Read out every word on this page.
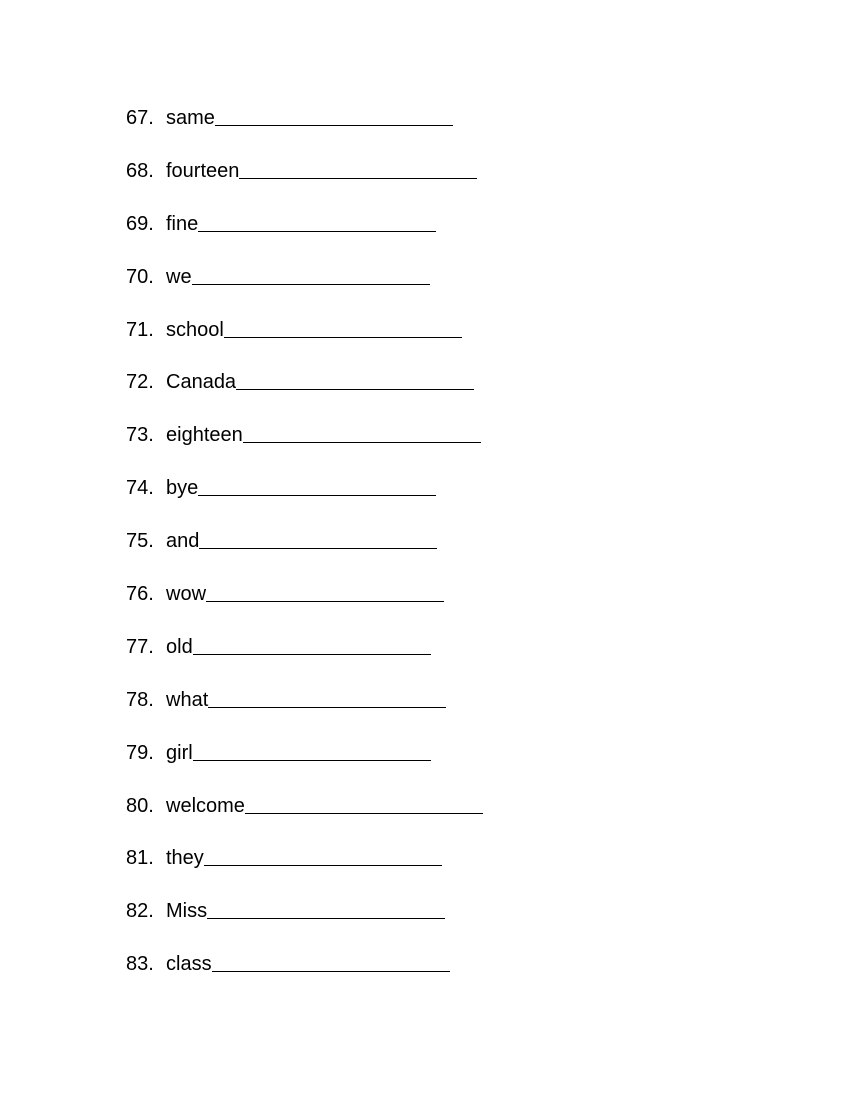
67. same
68. fourteen
69. fine
70. we
71. school
72. Canada
73. eighteen
74. bye
75. and
76. wow
77. old
78. what
79. girl
80. welcome
81. they
82. Miss
83. class
